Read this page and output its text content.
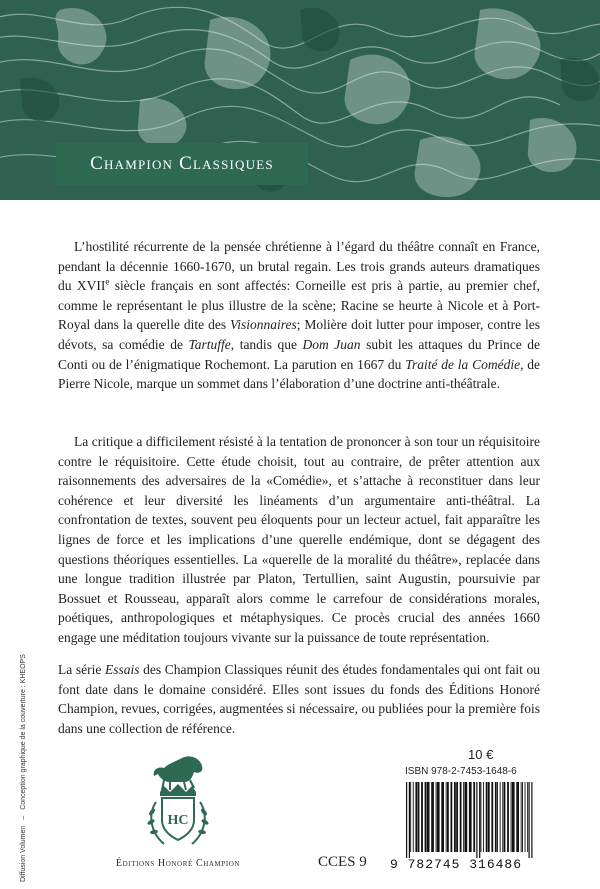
Champion Classiques

L’hostilité récurrente de la pensée chrétienne à l’égard du théâtre connaît en France, pendant la décennie 1660-1670, un brutal regain. Les trois grands auteurs dramatiques du XVIIe siècle français en sont affectés: Corneille est pris à partie, au premier chef, comme le représentant le plus illustre de la scène; Racine se heurte à Nicole et à Port-Royal dans la querelle dite des Visionnaires; Molière doit lutter pour imposer, contre les dévots, sa comédie de Tartuffe, tandis que Dom Juan subit les attaques du Prince de Conti ou de l’énigmatique Rochemont. La parution en 1667 du Traité de la Comédie, de Pierre Nicole, marque un sommet dans l’élaboration d’une doctrine anti-théâtrale.

La critique a difficilement résisté à la tentation de prononcer à son tour un réquisitoire contre le réquisitoire. Cette étude choisit, tout au contraire, de prêter attention aux raisonnements des adversaires de la «Comédie», et s’attache à reconstituer dans leur cohérence et leur diversité les linéaments d’un argumentaire anti-théâtral. La confrontation de textes, souvent peu éloquents pour un lecteur actuel, fait apparaître les lignes de force et les implications d’une querelle endémique, dont se dégagent des questions théoriques essentielles. La «querelle de la moralité du théâtre», replacée dans une longue tradition illustrée par Platon, Tertullien, saint Augustin, poursuivie par Bossuet et Rousseau, apparaît alors comme le carrefour de considérations morales, poétiques, anthropologiques et métaphysiques. Ce procès crucial des années 1660 engage une méditation toujours vivante sur la puissance de toute représentation.

La série Essais des Champion Classiques réunit des études fondamentales qui ont fait ou font date dans le domaine considéré. Elles sont issues du fonds des Éditions Honoré Champion, revues, corrigées, augmentées si nécessaire, ou publiées pour la première fois dans une collection de référence.

Diffusion Volumen–Conception graphique de la couverture : KHEOPS
HC
Éditions Honoré Champion	CCES 9
10 €
ISBN 978-2-7453-1648-6
9 782745 316486
